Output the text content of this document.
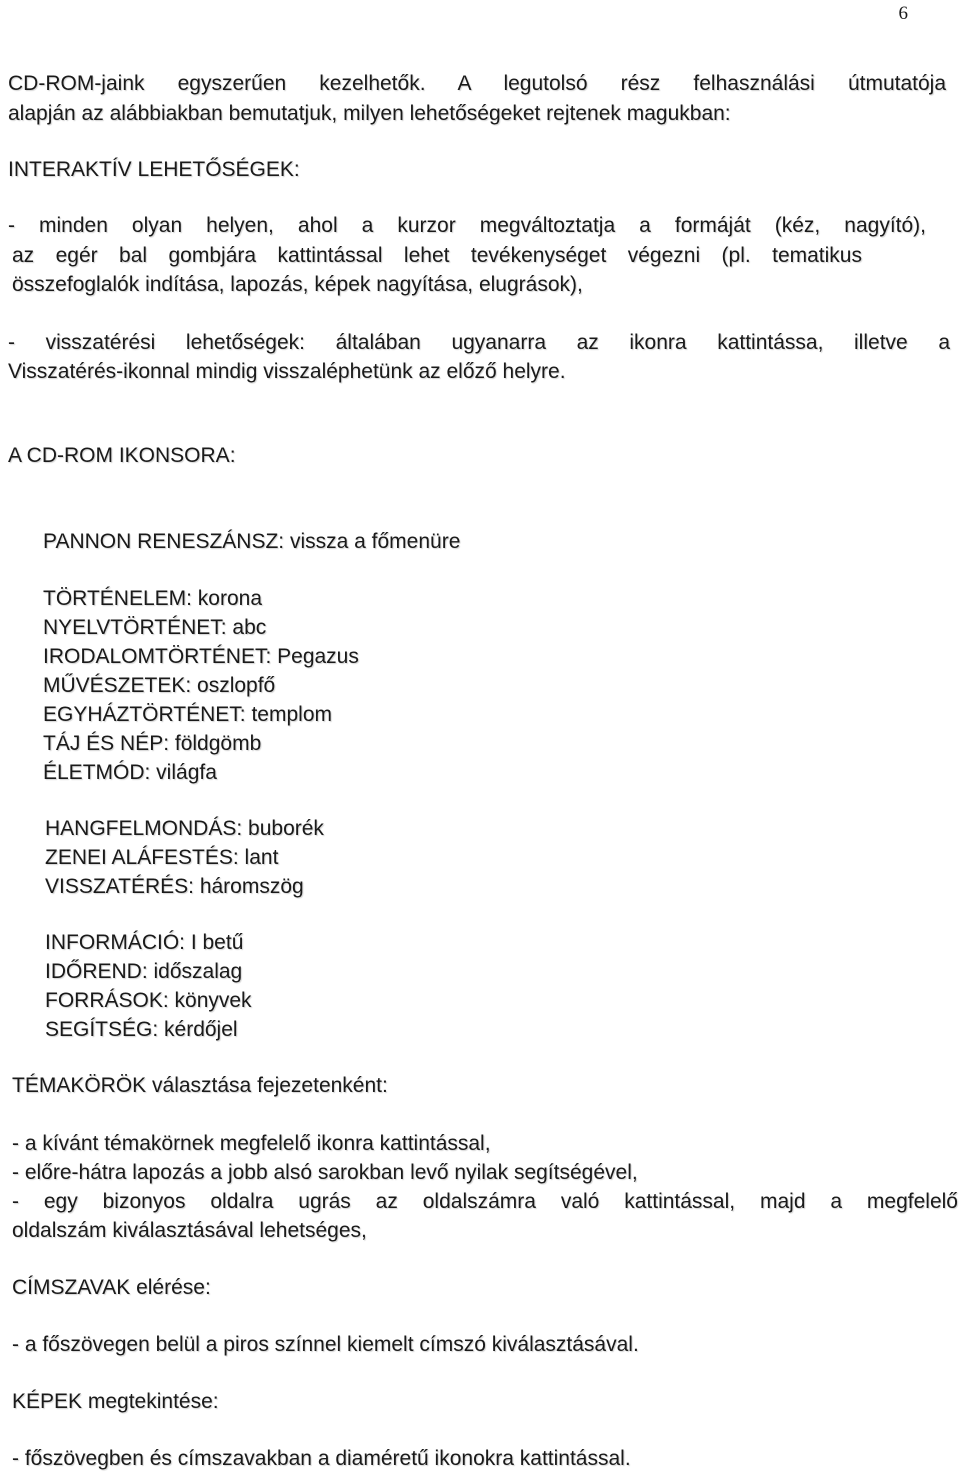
6
CD-ROM-jaink egyszerűen kezelhetők. A legutolsó rész felhasználási útmutatója
alapján az alábbiakban bemutatjuk, milyen lehetőségeket rejtenek magukban:
INTERAKTÍV LEHETŐSÉGEK:
- minden olyan helyen, ahol a kurzor megváltoztatja a formáját (kéz, nagyító),
az egér bal gombjára kattintással lehet tevékenységet végezni (pl. tematikus
összefoglalók indítása, lapozás, képek nagyítása, elugrások),
- visszatérési lehetőségek: általában ugyanarra az ikonra kattintássa, illetve a
Visszatérés-ikonnal mindig visszaléphetünk az előző helyre.
A CD-ROM IKONSORA:
PANNON RENESZÁNSZ: vissza a főmenüre
TÖRTÉNELEM: korona
NYELVTÖRTÉNET: abc
IRODALOMTÖRTÉNET: Pegazus
MŰVÉSZETEK: oszlopfő
EGYHÁZTÖRTÉNET: templom
TÁJ ÉS NÉP: földgömb
ÉLETMÓD: világfa
HANGFELMONDÁS: buborék
ZENEI ALÁFESTÉS: lant
VISSZATÉRÉS: háromszög
INFORMÁCIÓ: I betű
IDŐREND: időszalag
FORRÁSOK: könyvek
SEGÍTSÉG: kérdőjel
TÉMAKÖRÖK választása fejezetenként:
- a kívánt témakörnek megfelelő ikonra kattintással,
- előre-hátra lapozás a jobb alsó sarokban levő nyilak segítségével,
- egy bizonyos oldalra ugrás az oldalszámra való kattintással, majd a megfelelő
oldalszám kiválasztásával lehetséges,
CÍMSZAVAK elérése:
- a főszövegen belül a piros színnel kiemelt címszó kiválasztásával.
KÉPEK megtekintése:
- főszövegben és címszavakban a diaméretű ikonokra kattintással.
